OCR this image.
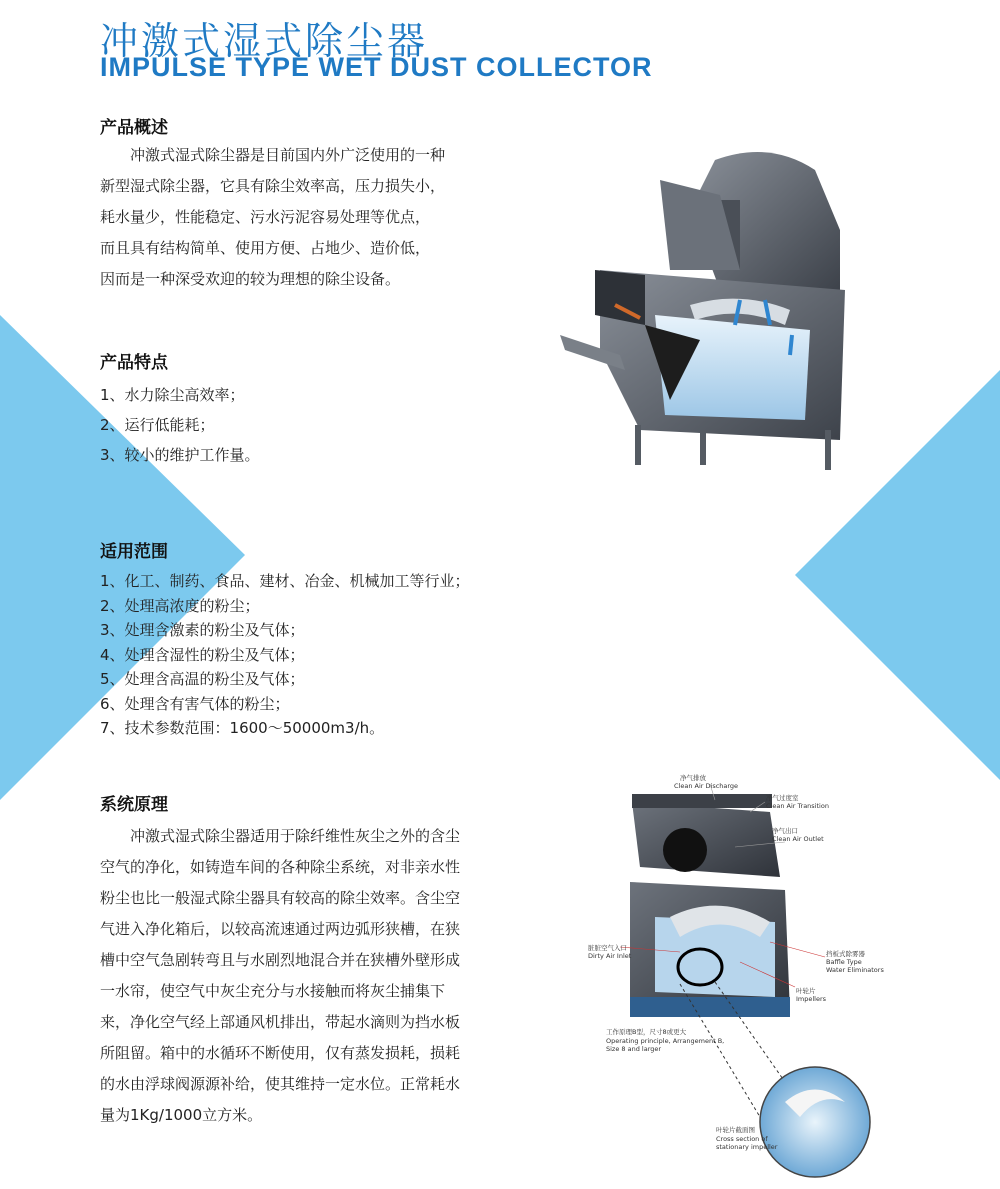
冲激式湿式除尘器
IMPULSE TYPE WET DUST COLLECTOR
产品概述

冲激式湿式除尘器是目前国内外广泛使用的一种
新型湿式除尘器，它具有除尘效率高，压力损失小，
耗水量少，性能稳定、污水污泥容易处理等优点，
而且具有结构简单、使用方便、占地少、造价低，
因而是一种深受欢迎的较为理想的除尘设备。

产品特点
1、水力除尘高效率；
2、运行低能耗；
3、较小的维护工作量。
适用范围
1、化工、制药、食品、建材、冶金、机械加工等行业；
2、处理高浓度的粉尘；
3、处理含激素的粉尘及气体；
4、处理含湿性的粉尘及气体；
5、处理含高温的粉尘及气体；
6、处理含有害气体的粉尘；
7、技术参数范围：1600～50000m3/h。
系统原理

冲激式湿式除尘器适用于除纤维性灰尘之外的含尘
空气的净化，如铸造车间的各种除尘系统，对非亲水性
粉尘也比一般湿式除尘器具有较高的除尘效率。含尘空
气进入净化箱后，以较高流速通过两边弧形狭槽，在狭
槽中空气急剧转弯且与水剧烈地混合并在狭槽外壁形成
一水帘，使空气中灰尘充分与水接触而将灰尘捕集下
来，净化空气经上部通风机排出，带起水滴则为挡水板
所阻留。箱中的水循环不断使用，仅有蒸发损耗，损耗
的水由浮球阀源源补给，使其维持一定水位。正常耗水
量为1Kg/1000立方米。

净气排放
Clean Air Discharge
净气过度室
Clean Air Transition
净气出口
Clean Air Outlet
脏脏空气入口
Dirty Air Inlet	挡板式除雾器
Baffle Type
Water Eliminators
叶轮片
Impellers
工作原理B型，尺寸8或更大
Operating principle, Arrangement B,
Size 8 and larger
叶轮片截面图
Cross section of
stationary impeller
